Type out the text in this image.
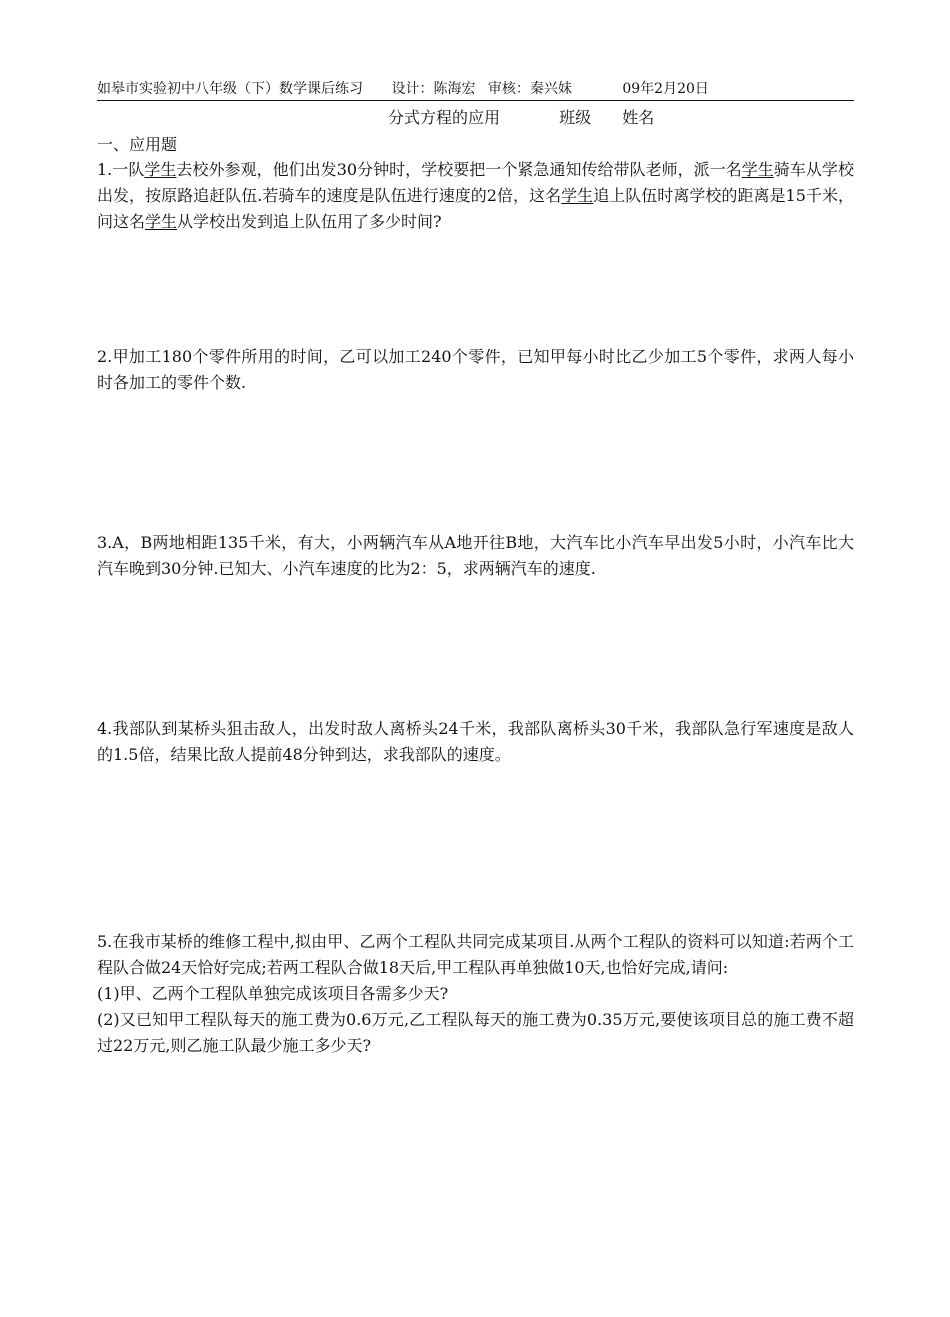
如皋市实验初中八年级（下）数学课后练习 设计：陈海宏 审核：秦兴妹	09年2月20日
分式方程的应用	班级 姓名
一、应用题

1.一队学生去校外参观，他们出发30分钟时，学校要把一个紧急通知传给带队老师，派一名学生骑车从学校出发，按原路追赶队伍.若骑车的速度是队伍进行速度的2倍，这名学生追上队伍时离学校的距离是15千米，问这名学生从学校出发到追上队伍用了多少时间?

2.甲加工180个零件所用的时间，乙可以加工240个零件，已知甲每小时比乙少加工5个零件，求两人每小时各加工的零件个数.

3.A，B两地相距135千米，有大，小两辆汽车从A地开往B地，大汽车比小汽车早出发5小时，小汽车比大汽车晚到30分钟.已知大、小汽车速度的比为2：5，求两辆汽车的速度.

4.我部队到某桥头狙击敌人，出发时敌人离桥头24千米，我部队离桥头30千米，我部队急行军速度是敌人的1.5倍，结果比敌人提前48分钟到达，求我部队的速度。

5.在我市某桥的维修工程中,拟由甲、乙两个工程队共同完成某项目.从两个工程队的资料可以知道:若两个工程队合做24天恰好完成;若两工程队合做18天后,甲工程队再单独做10天,也恰好完成,请问:

(1)甲、乙两个工程队单独完成该项目各需多少天?

(2)又已知甲工程队每天的施工费为0.6万元,乙工程队每天的施工费为0.35万元,要使该项目总的施工费不超过22万元,则乙施工队最少施工多少天?
